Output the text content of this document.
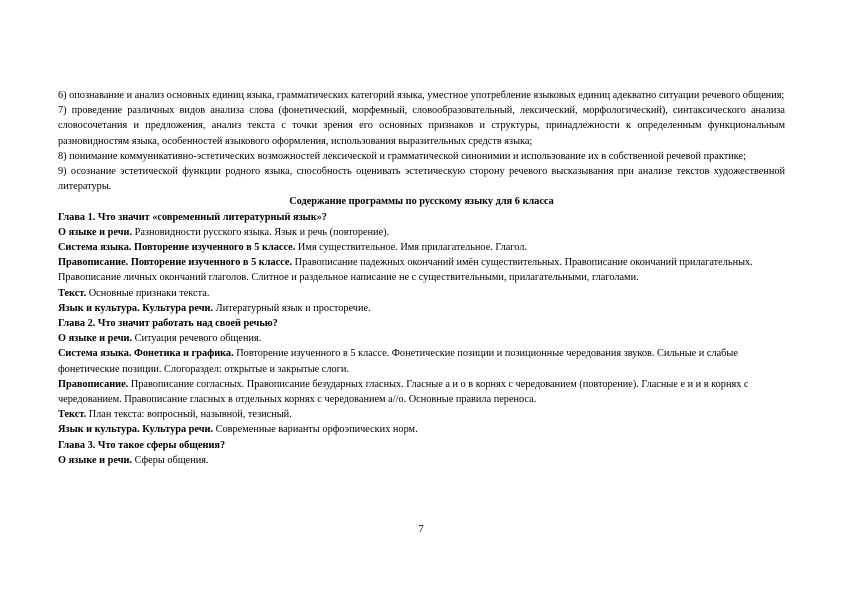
6) опознавание и анализ основных единиц языка, грамматических категорий языка, уместное употребление языковых единиц адекватно ситуации речевого общения;

7) проведение различных видов анализа слова (фонетический, морфемный, словообразовательный, лексический, морфологический), синтаксического анализа словосочетания и предложения, анализ текста с точки зрения его основных признаков и структуры, принадлежности к определенным функциональным разновидностям языка, особенностей языкового оформления, использования выразительных средств языка;

8) понимание коммуникативно-эстетических возможностей лексической и грамматической синонимии и использование их в собственной речевой практике;

9) осознание эстетической функции родного языка, способность оценивать эстетическую сторону речевого высказывания при анализе текстов художественной литературы.

Содержание программы по русскому языку для 6 класса

Глава 1. Что значит «современный литературный язык»?

О языке и речи. Разновидности русского языка. Язык и речь (повторение).

Система языка. Повторение изученного в 5 классе. Имя существительное. Имя прилагательное. Глагол.

Правописание. Повторение изученного в 5 классе. Правописание падежных окончаний имён существительных. Правописание окончаний прилагательных. Правописание личных окончаний глаголов. Слитное и раздельное написание не с существительными, прилагательными, глаголами.

Текст. Основные признаки текста.

Язык и культура. Культура речи. Литературный язык и просторечие.

Глава 2. Что значит работать над своей речью?

О языке и речи. Ситуация речевого общения.

Система языка. Фонетика и графика. Повторение изученного в 5 классе. Фонетические позиции и позиционные чередования звуков. Сильные и слабые фонетические позиции. Слогораздел: открытые и закрытые слоги.

Правописание. Правописание согласных. Правописание безударных гласных. Гласные а и о в корнях с чередованием (повторение). Гласные е и и в корнях с чередованием. Правописание гласных в отдельных корнях с чередованием а//о. Основные правила переноса.

Текст. План текста: вопросный, назывной, тезисный.

Язык и культура. Культура речи. Современные варианты орфоэпических норм.

Глава 3. Что такое сферы общения?

О языке и речи. Сферы общения.

7
